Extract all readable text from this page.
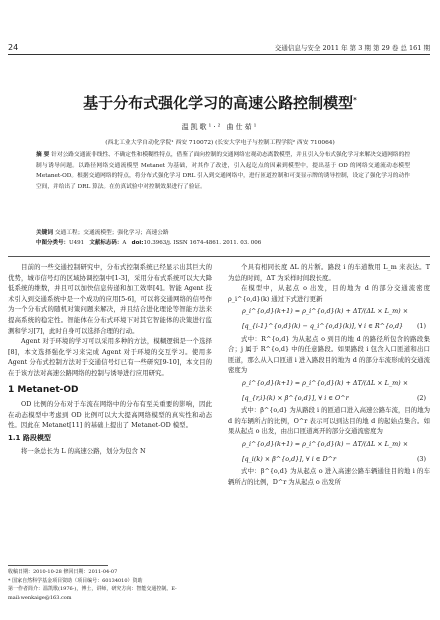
24	交通信息与安全 2011 年 第 3 期 第 29 卷 总 161 期
基于分布式强化学习的高速公路控制模型*
温凯歌¹·² 曲仕茹¹
(西北工业大学自动化学院¹ 西安 710072) (长安大学电子与控制工程学院² 西安 710064)
摘 要 针对公路交通流非线性、不确定性和模糊性特点，借鉴了面向控制的交通网络宏观动态离散模型，并且引入分布式强化学习来解决交通网络的控制与诱导问题。以路径网络交通流模型 Metanet 为基础，对其作了改进，引入起讫点的因素到模型中，提出基于 OD 的网络交通流动态模型 Metanet-OD。根据交通网络的特点，将分布式强化学习 DRL 引入到交通网络中，进行匝道控制和可变显示牌的诱导控制，设定了强化学习的动作空间，并给出了 DRL 算法。在仿真试验中对控制效果进行了验证。
关键词 交通工程；交通流模型；强化学习；高速公路
中图分类号：U491 文献标志码：A doi:10.3963/j. ISSN 1674-4861. 2011. 03. 006

目前的一些交通控制研究中，分布式控制系统已经显示出其巨大的优势，城市信号灯的区域协调控制中[1-3]，采用分布式系统可以大大降低系统的维数，并且可以加快信息传递和加工效率[4]。智能 Agent 技术引入到交通系统中是一个成功的应用[5-6]，可以将交通网络的信号作为一个分布式的随机对策问题来解决，并且结合进化理论等智能方法来提高系统的稳定性。智能体在分布式环境下对其它智能体的决策进行监测和学习[7]，此时自身可以选择合理的行动。

Agent 对于环境的学习可以采用多种的方法，模糊逻辑是一个选择[8]，本文选择强化学习来完成 Agent 对于环境的交互学习。使用多 Agent 分布式控制方法对于交通信号灯已有一些研究[9-10]，本文目的在于该方法对高速公路网络的控制与诱导进行应用研究。

1 Metanet-OD

OD 比例的分布对于车流在网络中的分布有至关重要的影响，因此在动态模型中考虑到 OD 比例可以大大提高网络模型的真实性和动态性。因此在 Metanet[11] 的基础上提出了 Metanet-OD 模型。

1.1 路段模型

将一条总长为 L 的高速公路，划分为包含 N

个具有相同长度 ΔL 的片断。路段 i 的车道数用 L_m 来表达。T 为总的时间，ΔT 为采样时间段长度。

在模型中，从起点 o 出发，目的地为 d 的部分交通流密度 ρ_i^{o,d}(k) 通过下式进行更新

ρ_i^{o,d}(k+1) = ρ_i^{o,d}(k) + ΔT/(ΔL × L_m) ×
[q_{i-1}^{o,d}(k) − q_i^{o,d}(k)], ∀ i ∈ R^{o,d} (1)

式中：R^{o,d} 为从起点 o 到目的地 d 的路径所包含的路段集合；j 属于 R^{o,d} 中的任意路段。如果路段 i 包含入口匝道和出口匝道，那么从入口匝道 i 进入路段目的地为 d 的部分车流形成的交通流密度为

ρ_i^{o,d}(k+1) = ρ_i^{o,d}(k) + ΔT/(ΔL × L_m) ×
[q_{r,i}(k) × β^{o,d}], ∀ i ∈ O^r	(2)

式中：β^{o,d} 为从路段 i 的匝道口进入高速公路车流，目的地为 d 的车辆所占的比例，O^r 表示可以到达目的地 d 的起始点集合。如果从起点 o 出发，由出口匝道离开的部分交通流密度为

ρ_i^{o,d}(k+1) = ρ_i^{o,d}(k) − ΔT/(ΔL × L_m) ×
[q_i(k) × β^{o,d}], ∀ i ∈ D^r	(3)

式中：β^{o,d} 为从起点 o 进入高速公路车辆通往目的地 i 的车辆所占的比例，D^r 为从起点 o 出发所

收稿日期：2010-10-28 修回日期：2011-04-07
* 国家自然科学基金项目资助（项目编号：60134010）资助
第一作者简介：温凯歌(1976-)，博士，讲师，研究方向：智能交通控制。E-mail:wenkaige@163.com
